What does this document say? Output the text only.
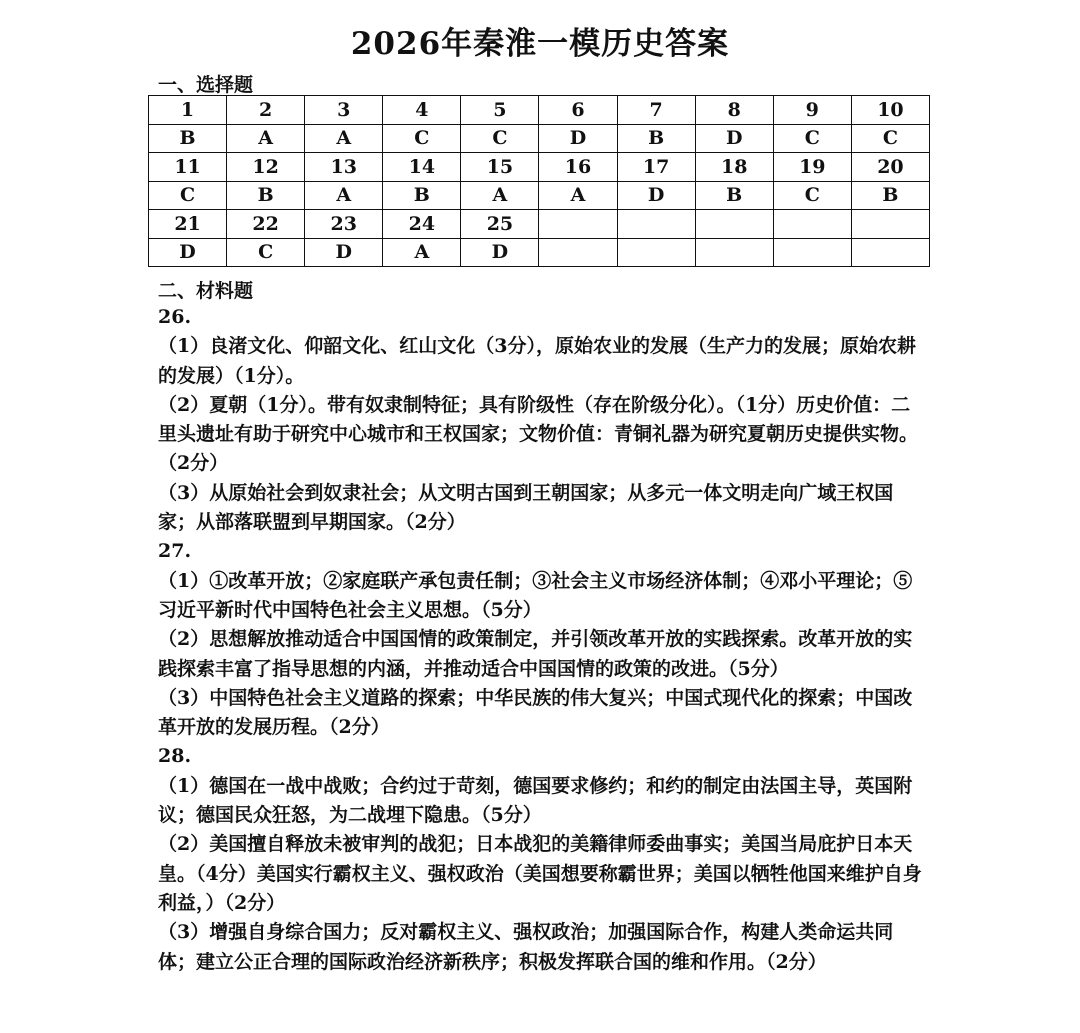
2026年秦淮一模历史答案
一、选择题
1	2	3	4	5	6	7	8	9	10
B	A	A	C	C	D	B	D	C	C
11	12	13	14	15	16	17	18	19	20
C	B	A	B	A	A	D	B	C	B
21	22	23	24	25					
D	C	D	A	D					
二、材料题
26.
（1）良渚文化、仰韶文化、红山文化（3分），原始农业的发展（生产力的发展；原始农耕的发展）（1分）。
（2）夏朝（1分）。带有奴隶制特征；具有阶级性（存在阶级分化）。（1分）历史价值：二里头遗址有助于研究中心城市和王权国家；文物价值：青铜礼器为研究夏朝历史提供实物。（2分）
（3）从原始社会到奴隶社会；从文明古国到王朝国家；从多元一体文明走向广域王权国家；从部落联盟到早期国家。（2分）
27.
（1）①改革开放；②家庭联产承包责任制；③社会主义市场经济体制；④邓小平理论；⑤习近平新时代中国特色社会主义思想。（5分）
（2）思想解放推动适合中国国情的政策制定，并引领改革开放的实践探索。改革开放的实践探索丰富了指导思想的内涵，并推动适合中国国情的政策的改进。（5分）
（3）中国特色社会主义道路的探索；中华民族的伟大复兴；中国式现代化的探索；中国改革开放的发展历程。（2分）
28.
（1）德国在一战中战败；合约过于苛刻，德国要求修约；和约的制定由法国主导，英国附议；德国民众狂怒，为二战埋下隐患。（5分）
（2）美国擅自释放未被审判的战犯；日本战犯的美籍律师委曲事实；美国当局庇护日本天皇。（4分）美国实行霸权主义、强权政治（美国想要称霸世界；美国以牺牲他国来维护自身利益，）（2分）
（3）增强自身综合国力；反对霸权主义、强权政治；加强国际合作，构建人类命运共同体；建立公正合理的国际政治经济新秩序；积极发挥联合国的维和作用。（2分）
